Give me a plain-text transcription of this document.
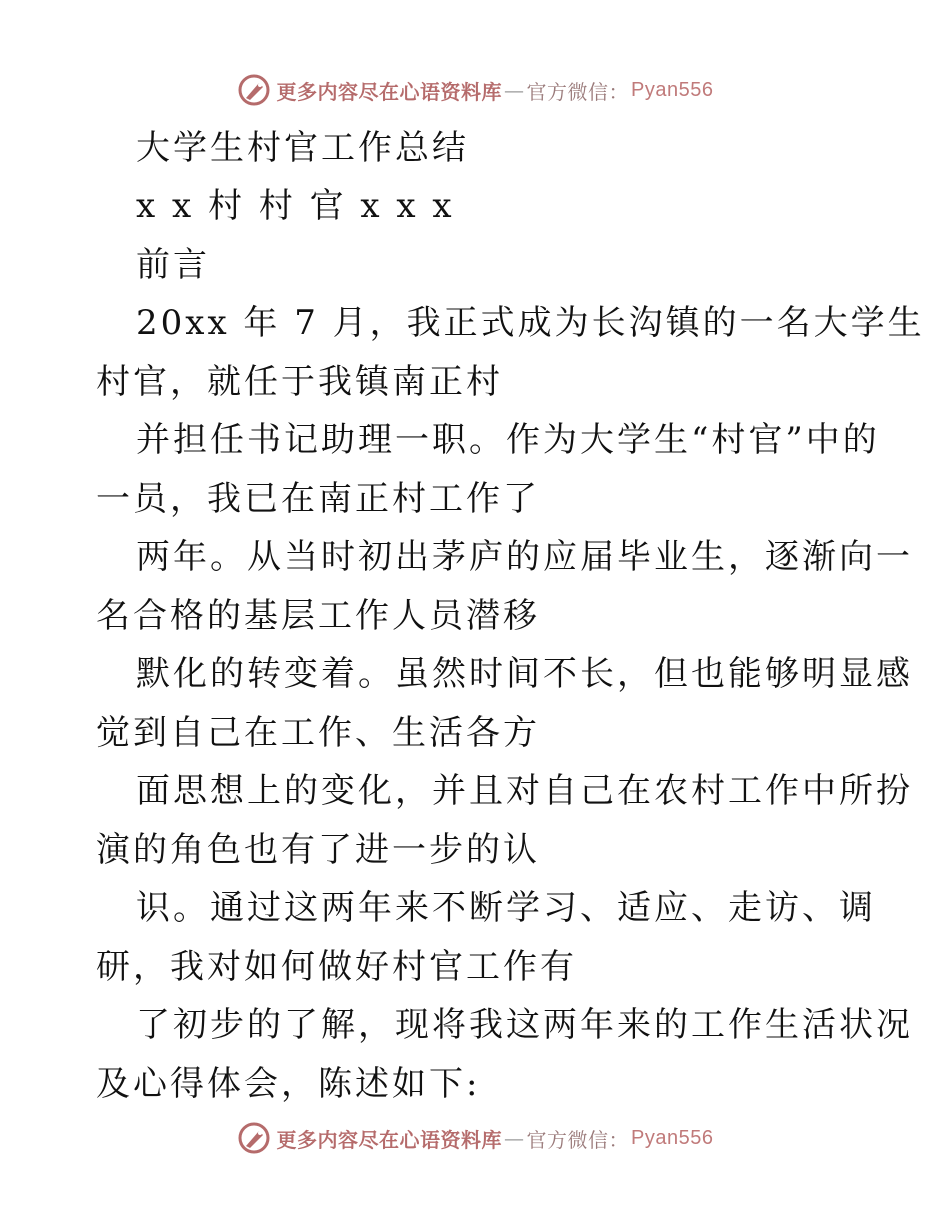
更多内容尽在心语资料库 — 官方微信： Pyan556
大学生村官工作总结
x x 村 村 官 x x x
前言
20xx 年 7 月，我正式成为长沟镇的一名大学生
村官，就任于我镇南正村
并担任书记助理一职。作为大学生“村官”中的
一员，我已在南正村工作了
两年。从当时初出茅庐的应届毕业生，逐渐向一
名合格的基层工作人员潜移
默化的转变着。虽然时间不长，但也能够明显感
觉到自己在工作、生活各方
面思想上的变化，并且对自己在农村工作中所扮
演的角色也有了进一步的认
识。通过这两年来不断学习、适应、走访、调
研，我对如何做好村官工作有
了初步的了解，现将我这两年来的工作生活状况
及心得体会，陈述如下:
更多内容尽在心语资料库 — 官方微信： Pyan556
